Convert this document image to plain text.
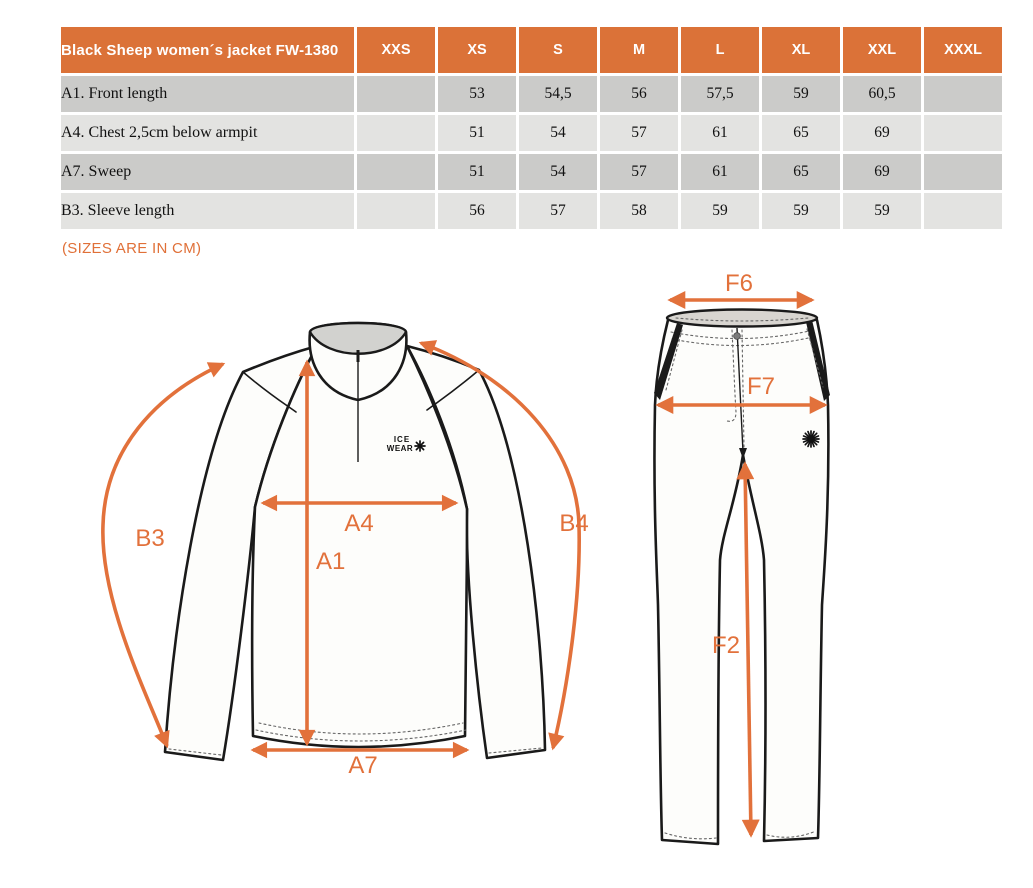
Black Sheep women´s jacket FW-1380	XXS	XS	S	M	L	XL	XXL	XXXL
A1. Front length		53	54,5	56	57,5	59	60,5	
A4. Chest 2,5cm below armpit		51	54	57	61	65	69	
A7. Sweep		51	54	57	61	65	69	
B3. Sleeve length		56	57	58	59	59	59	
(SIZES ARE IN CM)
ICE
WEAR
A4
A1
A7
B3
B4
F6
F7
F2
